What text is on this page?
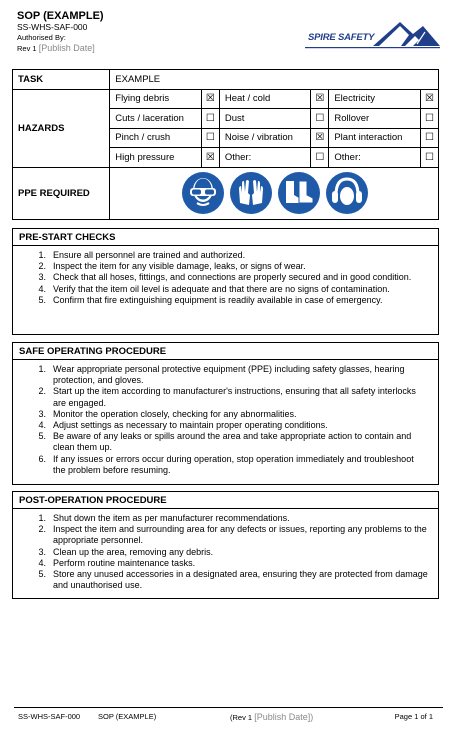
SOP (EXAMPLE)
SS-WHS-SAF-000
Authorised By:
Rev 1 [Publish Date]
SPIRE SAFETY
TASK	EXAMPLE					
HAZARDS	Flying debris	☒	Heat / cold	☒	Electricity	☒
	Cuts / laceration	☐	Dust	☐	Rollover	☐
	Pinch / crush	☐	Noise / vibration	☒	Plant interaction	☐
	High pressure	☒	Other:	☐	Other:	☐
PPE REQUIRED	
PRE-START CHECKS
1. Ensure all personnel are trained and authorized.
2. Inspect the item for any visible damage, leaks, or signs of wear.
3. Check that all hoses, fittings, and connections are properly secured and in good condition.
4. Verify that the item oil level is adequate and that there are no signs of contamination.
5. Confirm that fire extinguishing equipment is readily available in case of emergency.
SAFE OPERATING PROCEDURE
1. Wear appropriate personal protective equipment (PPE) including safety glasses, hearing protection, and gloves.
2. Start up the item according to manufacturer's instructions, ensuring that all safety interlocks are engaged.
3. Monitor the operation closely, checking for any abnormalities.
4. Adjust settings as necessary to maintain proper operating conditions.
5. Be aware of any leaks or spills around the area and take appropriate action to contain and clean them up.
6. If any issues or errors occur during operation, stop operation immediately and troubleshoot the problem before resuming.
POST-OPERATION PROCEDURE
1. Shut down the item as per manufacturer recommendations.
2. Inspect the item and surrounding area for any defects or issues, reporting any problems to the appropriate personnel.
3. Clean up the area, removing any debris.
4. Perform routine maintenance tasks.
5. Store any unused accessories in a designated area, ensuring they are protected from damage and unauthorised use.
SS-WHS-SAF-000 SOP (EXAMPLE)	(Rev 1 [Publish Date])	Page 1 of 1
